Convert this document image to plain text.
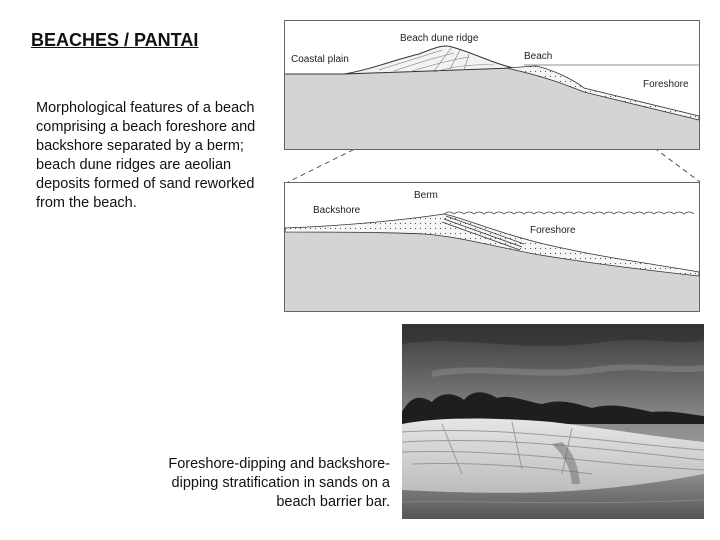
BEACHES / PANTAI
Morphological features of a beach comprising a beach foreshore and backshore separated by a berm; beach dune ridges are aeolian deposits formed of sand reworked from the beach.
Coastal plain
Beach dune ridge
Beach
Foreshore
Backshore
Berm
Foreshore
Foreshore-dipping and backshore-dipping stratification in sands on a beach barrier bar.
